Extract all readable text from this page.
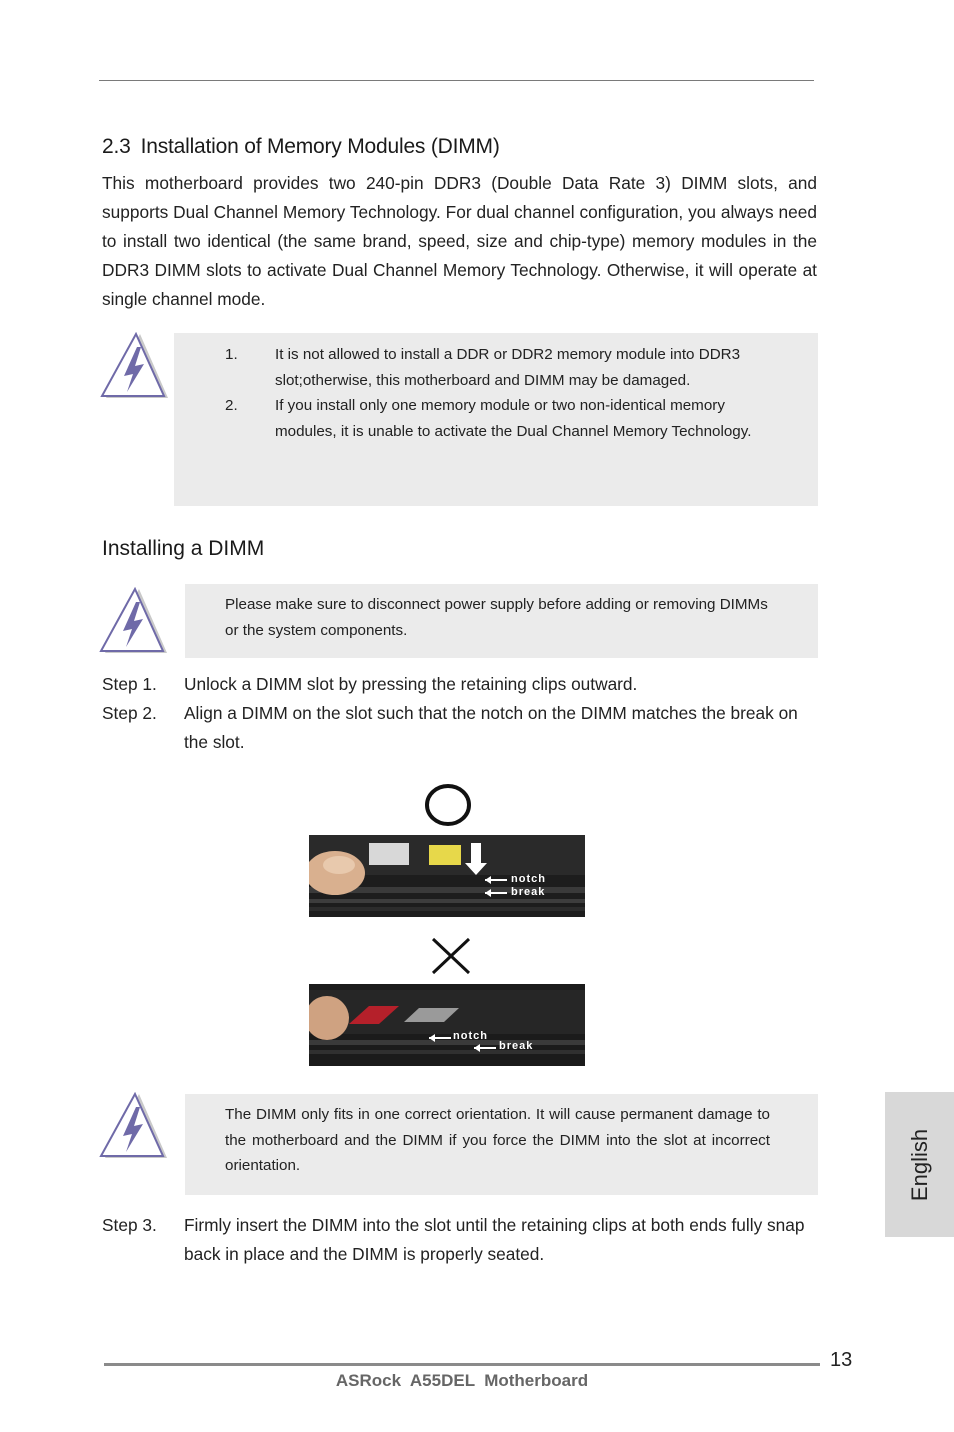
2.3 Installation of Memory Modules (DIMM)
This motherboard provides two 240-pin DDR3 (Double Data Rate 3) DIMM slots, and supports Dual Channel Memory Technology. For dual channel configuration, you always need to install two identical (the same brand, speed, size and chip-type) memory modules in the DDR3 DIMM slots to activate Dual Channel Memory Technology. Otherwise, it will operate at single channel mode.
1. It is not allowed to install a DDR or DDR2 memory module into DDR3 slot;otherwise, this motherboard and DIMM may be damaged.
2. If you install only one memory module or two non-identical memory modules, it is unable to activate the Dual Channel Memory Technology.
Installing a DIMM
Please make sure to disconnect power supply before adding or removing DIMMs or the system components.
Step 1. Unlock a DIMM slot by pressing the retaining clips outward.
Step 2. Align a DIMM on the slot such that the notch on the DIMM matches the break on the slot.
notch
break
notch
break
The DIMM only fits in one correct orientation. It will cause permanent damage to the motherboard and the DIMM if you force the DIMM into the slot at incorrect orientation.
Step 3. Firmly insert the DIMM into the slot until the retaining clips at both ends fully snap back in place and the DIMM is properly seated.
English
13
ASRock  A55DEL  Motherboard
